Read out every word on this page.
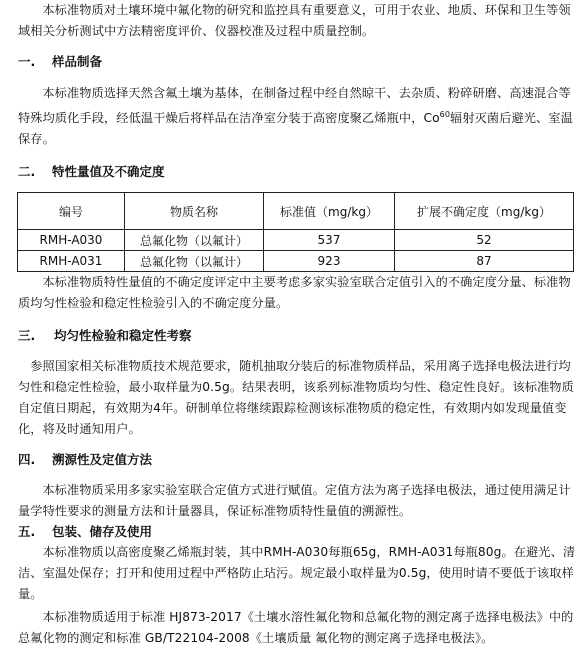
本标准物质对土壤环境中氟化物的研究和监控具有重要意义，可用于农业、地质、环保和卫生等领域相关分析测试中方法精密度评价、仪器校准及过程中质量控制。

一. 样品制备

本标准物质选择天然含氟土壤为基体，在制备过程中经自然晾干、去杂质、粉碎研磨、高速混合等特殊均质化手段，经低温干燥后将样品在洁净室分装于高密度聚乙烯瓶中，Co$^{60}$辐射灭菌后避光、室温保存。

二. 特性量值及不确定度
编号	物质名称	标准值（mg/kg）	扩展不确定度（mg/kg）
RMH-A030	总氟化物（以氟计）	537	52
RMH-A031	总氟化物（以氟计）	923	87

本标准物质特性量值的不确定度评定中主要考虑多家实验室联合定值引入的不确定度分量、标准物质均匀性检验和稳定性检验引入的不确定度分量。

三. 均匀性检验和稳定性考察

参照国家相关标准物质技术规范要求，随机抽取分装后的标准物质样品，采用离子选择电极法进行均匀性和稳定性检验，最小取样量为0.5g。结果表明，该系列标准物质均匀性、稳定性良好。该标准物质自定值日期起，有效期为4年。研制单位将继续跟踪检测该标准物质的稳定性，有效期内如发现量值变化，将及时通知用户。

四. 溯源性及定值方法

本标准物质采用多家实验室联合定值方式进行赋值。定值方法为离子选择电极法，通过使用满足计量学特性要求的测量方法和计量器具，保证标准物质特性量值的溯源性。

五. 包装、储存及使用

本标准物质以高密度聚乙烯瓶封装，其中RMH-A030每瓶65g，RMH-A031每瓶80g。在避光、清洁、室温处保存；打开和使用过程中严格防止玷污。规定最小取样量为0.5g，使用时请不要低于该取样量。

本标准物质适用于标准 HJ873-2017《土壤水溶性氟化物和总氟化物的测定离子选择电极法》中的总氟化物的测定和标准 GB/T22104-2008《土壤质量 氟化物的测定离子选择电极法》。
